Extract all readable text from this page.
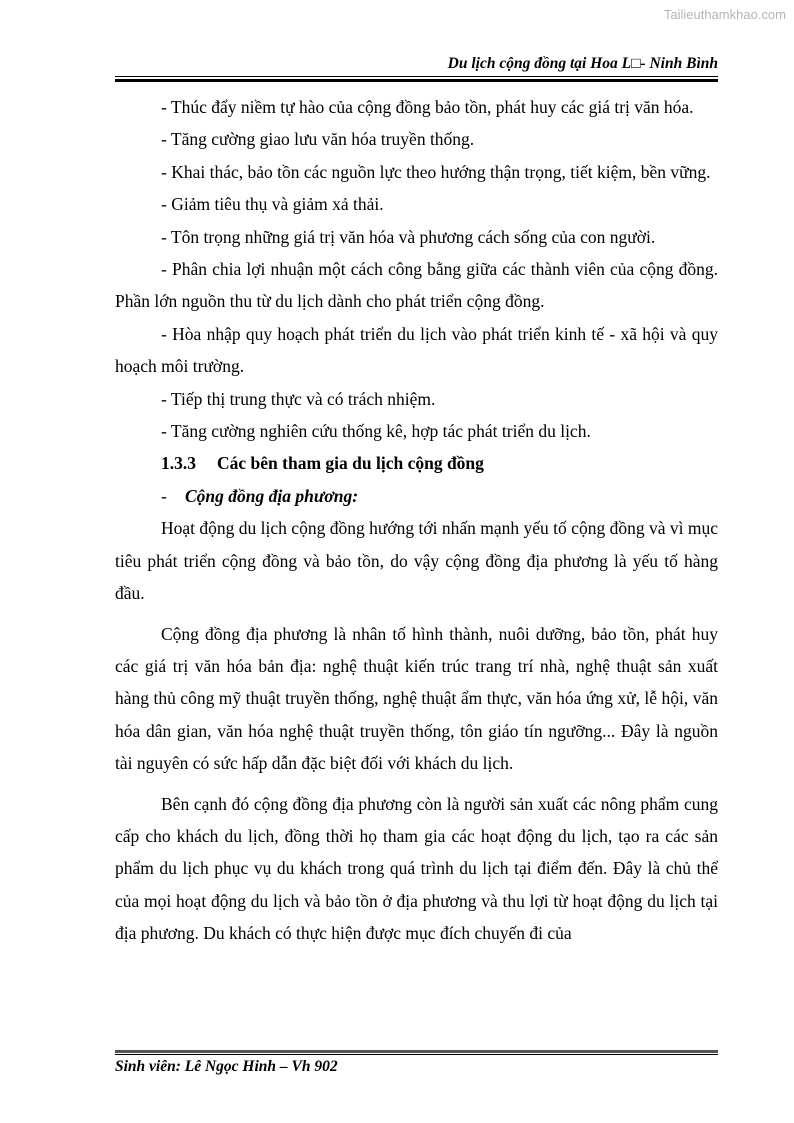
Tailieuthamkhao.com
Du lịch cộng đồng tại Hoa L□- Ninh Bình

- Thúc đẩy niềm tự hào của cộng đồng bảo tồn, phát huy các giá trị văn hóa.

- Tăng cường giao lưu văn hóa truyền thống.

- Khai thác, bảo tồn các nguồn lực theo hướng thận trọng, tiết kiệm, bền vững.

- Giảm tiêu thụ và giảm xả thải.

- Tôn trọng những giá trị văn hóa và phương cách sống của con người.

- Phân chia lợi nhuận một cách công bằng giữa các thành viên của cộng đồng. Phần lớn nguồn thu từ du lịch dành cho phát triển cộng đồng.

- Hòa nhập quy hoạch phát triển du lịch vào phát triển kinh tế - xã hội và quy hoạch môi trường.

- Tiếp thị trung thực và có trách nhiệm.

- Tăng cường nghiên cứu thống kê, hợp tác phát triển du lịch.

1.3.3 Các bên tham gia du lịch cộng đồng

- Cộng đồng địa phương:

Hoạt động du lịch cộng đồng hướng tới nhấn mạnh yếu tố cộng đồng và vì mục tiêu phát triển cộng đồng và bảo tồn, do vậy cộng đồng địa phương là yếu tố hàng đầu.

Cộng đồng địa phương là nhân tố hình thành, nuôi dưỡng, bảo tồn, phát huy các giá trị văn hóa bản địa: nghệ thuật kiến trúc trang trí nhà, nghệ thuật sản xuất hàng thủ công mỹ thuật truyền thống, nghệ thuật ẩm thực, văn hóa ứng xử, lễ hội, văn hóa dân gian, văn hóa nghệ thuật truyền thống, tôn giáo tín ngưỡng... Đây là nguồn tài nguyên có sức hấp dẫn đặc biệt đối với khách du lịch.

Bên cạnh đó cộng đồng địa phương còn là người sản xuất các nông phẩm cung cấp cho khách du lịch, đồng thời họ tham gia các hoạt động du lịch, tạo ra các sản phẩm du lịch phục vụ du khách trong quá trình du lịch tại điểm đến. Đây là chủ thể của mọi hoạt động du lịch và bảo tồn ở địa phương và thu lợi từ hoạt động du lịch tại địa phương. Du khách có thực hiện được mục đích chuyến đi của

Sinh viên: Lê Ngọc Hinh – Vh 902
